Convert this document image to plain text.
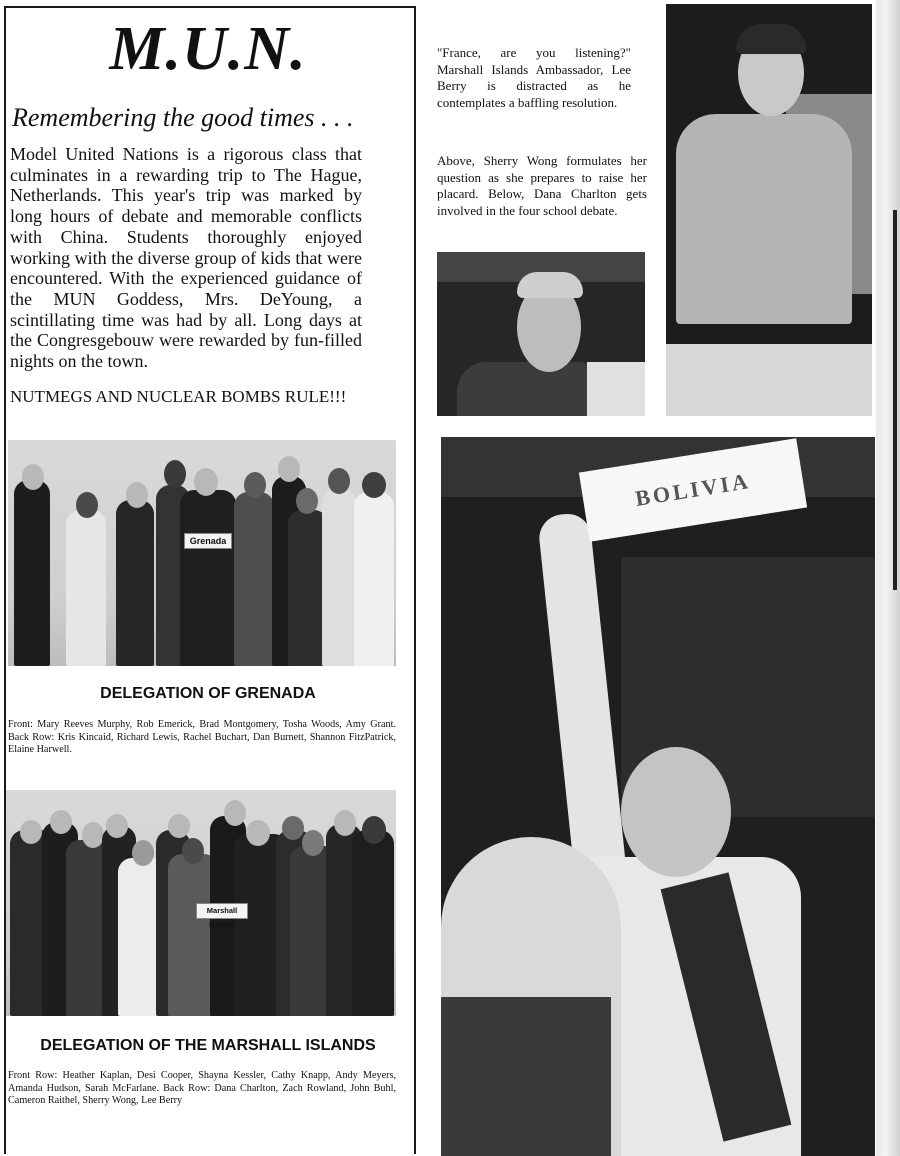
M.U.N.
Remembering the good times . . .
Model United Nations is a rigorous class that culminates in a rewarding trip to The Hague, Netherlands. This year's trip was marked by long hours of debate and memorable conflicts with China. Students thoroughly enjoyed working with the diverse group of kids that were encountered. With the experienced guidance of the MUN Goddess, Mrs. DeYoung, a scintillating time was had by all. Long days at the Congresgebouw were rewarded by fun-filled nights on the town.
NUTMEGS AND NUCLEAR BOMBS RULE!!!
Grenada
DELEGATION OF GRENADA
Front: Mary Reeves Murphy, Rob Emerick, Brad Montgomery, Tosha Woods, Amy Grant. Back Row: Kris Kincaid, Richard Lewis, Rachel Buchart, Dan Burnett, Shannon FitzPatrick, Elaine Harwell.
Marshall Islands
DELEGATION OF THE MARSHALL ISLANDS
Front Row: Heather Kaplan, Desi Cooper, Shayna Kessler, Cathy Knapp, Andy Meyers, Amanda Hudson, Sarah McFarlane. Back Row: Dana Charlton, Zach Rowland, John Buhl, Cameron Raithel, Sherry Wong, Lee Berry
"France, are you listening?" Marshall Islands Ambassador, Lee Berry is distracted as he contemplates a baffling resolution.
Above, Sherry Wong formulates her question as she prepares to raise her placard. Below, Dana Charlton gets involved in the four school debate.
BOLIVIA
